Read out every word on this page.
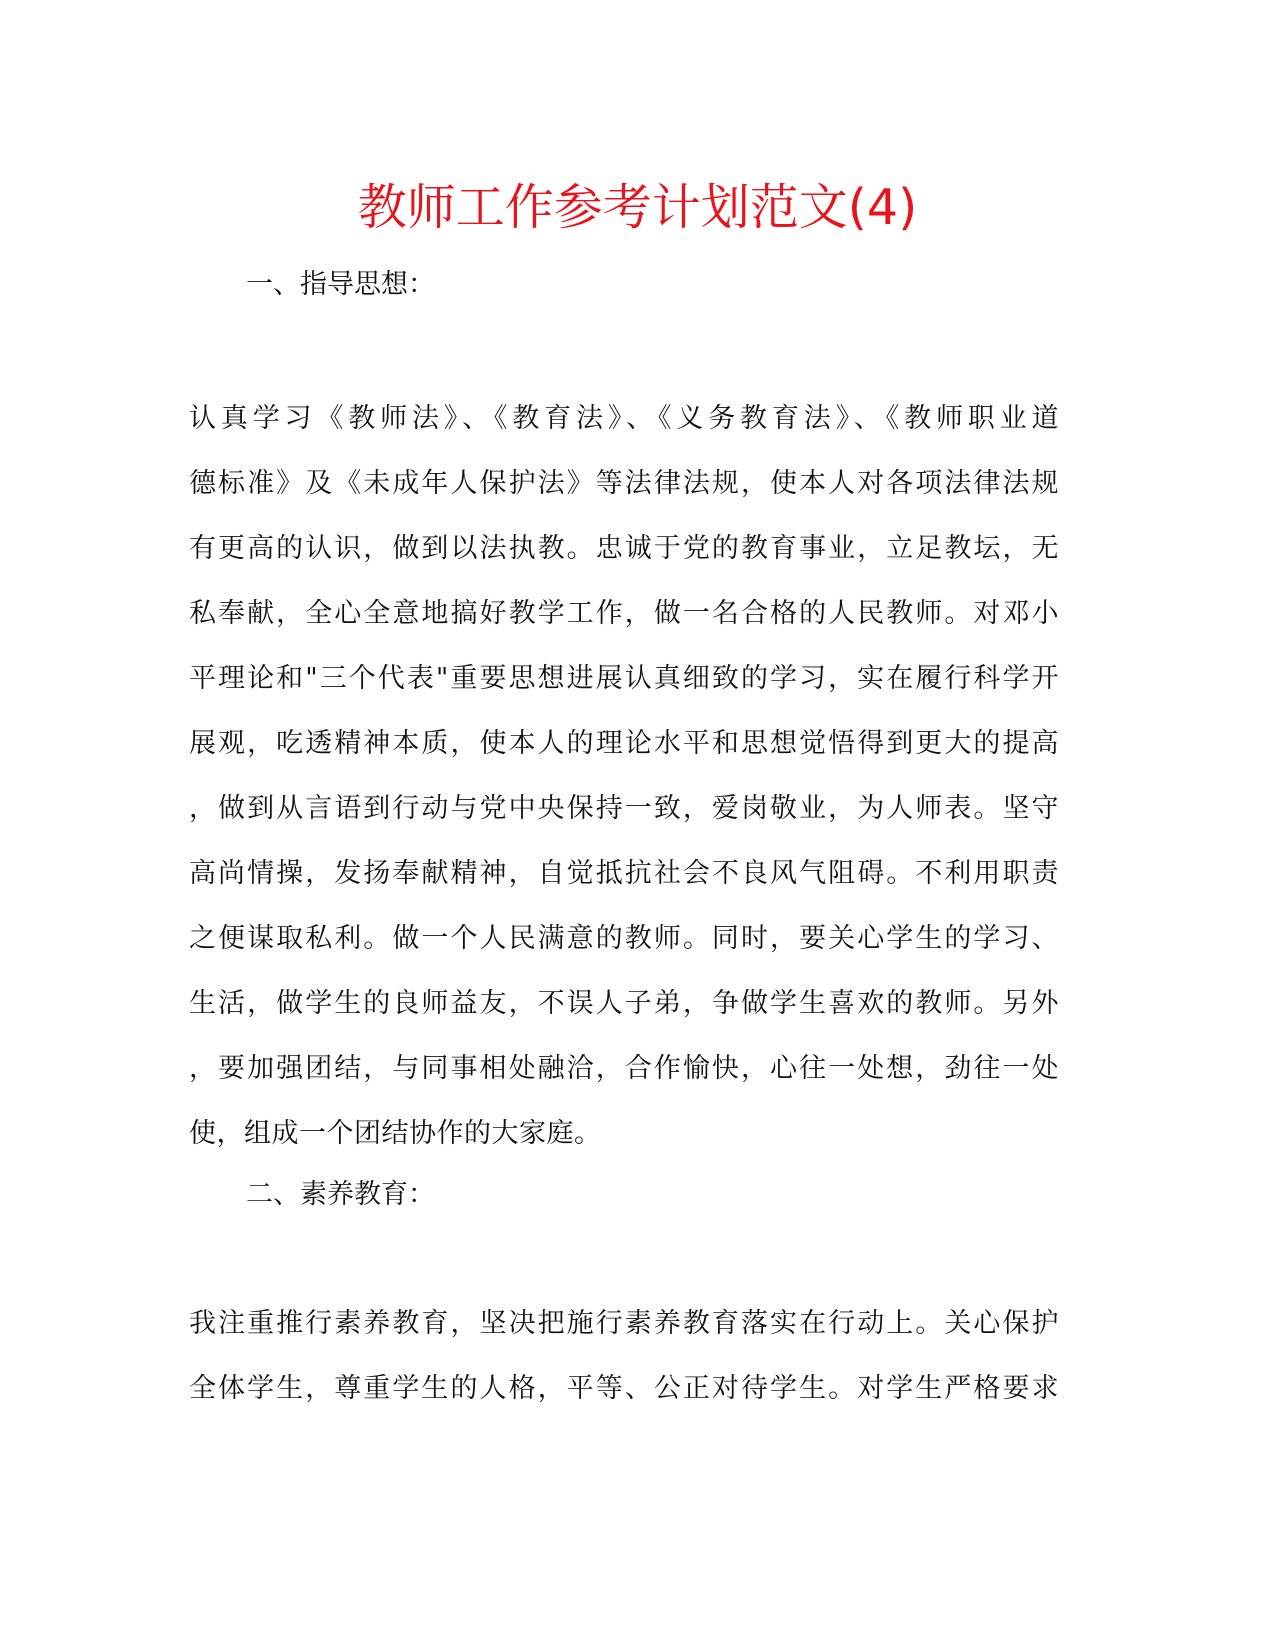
教师工作参考计划范文(4)

一、指导思想：

认真学习《教师法》、《教育法》、《义务教育法》、《教师职业道
德标准》及《未成年人保护法》等法律法规，使本人对各项法律法规
有更高的认识，做到以法执教。忠诚于党的教育事业，立足教坛，无
私奉献，全心全意地搞好教学工作，做一名合格的人民教师。对邓小
平理论和"三个代表"重要思想进展认真细致的学习，实在履行科学开
展观，吃透精神本质，使本人的理论水平和思想觉悟得到更大的提高
，做到从言语到行动与党中央保持一致，爱岗敬业，为人师表。坚守
高尚情操，发扬奉献精神，自觉抵抗社会不良风气阻碍。不利用职责
之便谋取私利。做一个人民满意的教师。同时，要关心学生的学习、
生活，做学生的良师益友，不误人子弟，争做学生喜欢的教师。另外
，要加强团结，与同事相处融洽，合作愉快，心往一处想，劲往一处
使，组成一个团结协作的大家庭。

二、素养教育：

我注重推行素养教育，坚决把施行素养教育落实在行动上。关心保护
全体学生，尊重学生的人格，平等、公正对待学生。对学生严格要求
